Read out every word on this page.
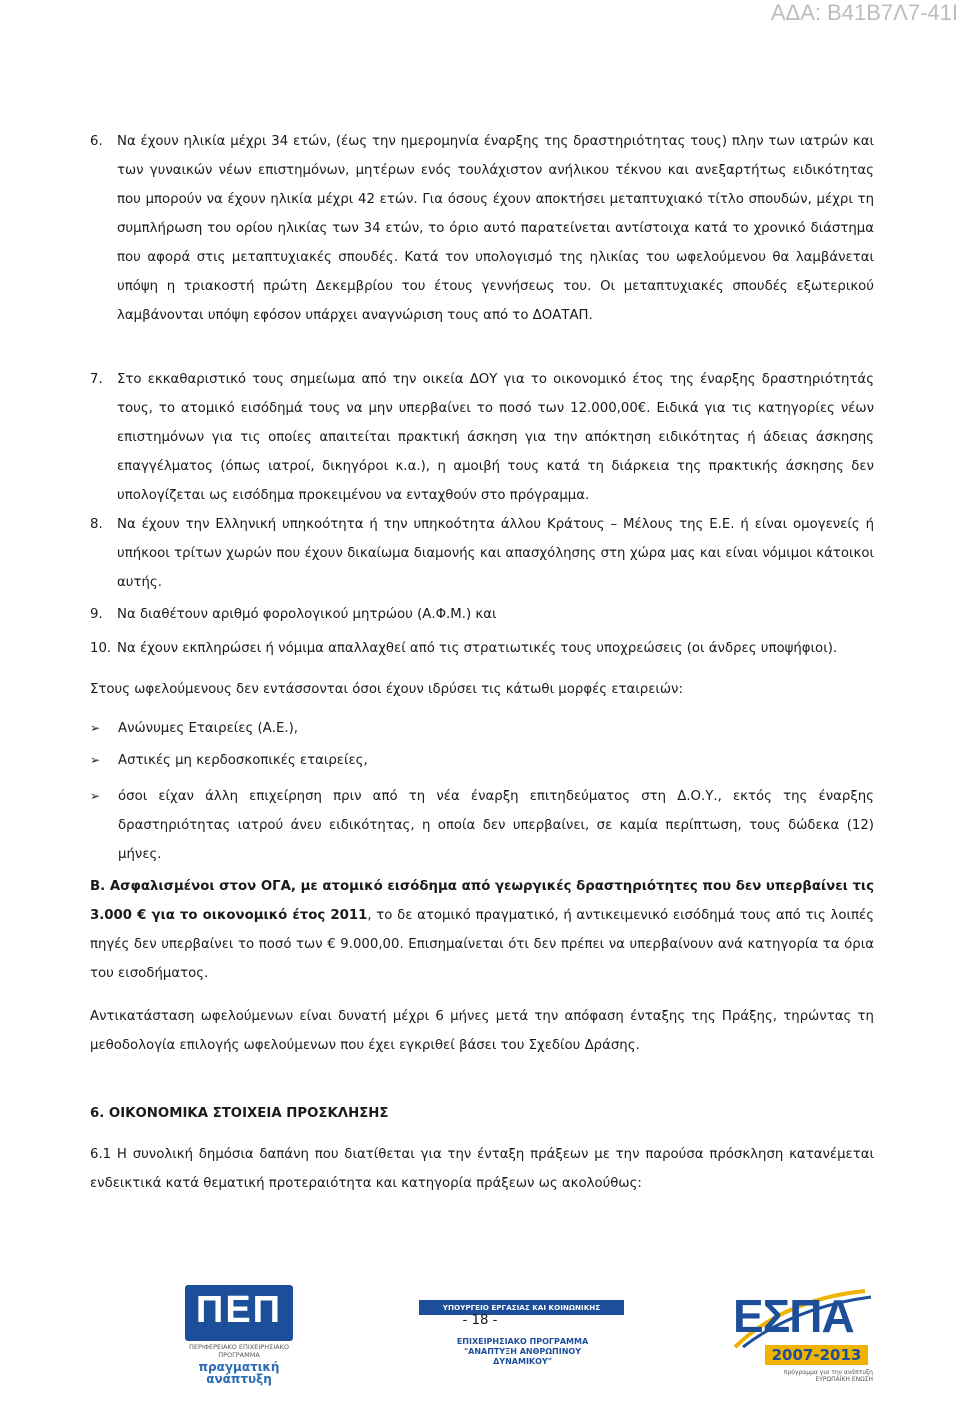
ΑΔΑ: Β41Β7Λ7-41Ι
6. Να έχουν ηλικία μέχρι 34 ετών, (έως την ημερομηνία έναρξης της δραστηριότητας τους) πλην των ιατρών και των γυναικών νέων επιστημόνων, μητέρων ενός τουλάχιστον ανήλικου τέκνου και ανεξαρτήτως ειδικότητας που μπορούν να έχουν ηλικία μέχρι 42 ετών. Για όσους έχουν αποκτήσει μεταπτυχιακό τίτλο σπουδών, μέχρι τη συμπλήρωση του ορίου ηλικίας των 34 ετών, το όριο αυτό παρατείνεται αντίστοιχα κατά το χρονικό διάστημα που αφορά στις μεταπτυχιακές σπουδές. Κατά τον υπολογισμό της ηλικίας του ωφελούμενου θα λαμβάνεται υπόψη η τριακοστή πρώτη Δεκεμβρίου του έτους γεννήσεως του. Οι μεταπτυχιακές σπουδές εξωτερικού λαμβάνονται υπόψη εφόσον υπάρχει αναγνώριση τους από το ΔΟΑΤΑΠ.
7. Στο εκκαθαριστικό τους σημείωμα από την οικεία ΔΟΥ για το οικονομικό έτος της έναρξης δραστηριότητάς τους, το ατομικό εισόδημά τους να μην υπερβαίνει το ποσό των 12.000,00€. Ειδικά για τις κατηγορίες νέων επιστημόνων για τις οποίες απαιτείται πρακτική άσκηση για την απόκτηση ειδικότητας ή άδειας άσκησης επαγγέλματος (όπως ιατροί, δικηγόροι κ.α.), η αμοιβή τους κατά τη διάρκεια της πρακτικής άσκησης δεν υπολογίζεται ως εισόδημα προκειμένου να ενταχθούν στο πρόγραμμα.
8. Να έχουν την Ελληνική υπηκοότητα ή την υπηκοότητα άλλου Κράτους – Μέλους της Ε.Ε. ή είναι ομογενείς ή υπήκοοι τρίτων χωρών που έχουν δικαίωμα διαμονής και απασχόλησης στη χώρα μας και είναι νόμιμοι κάτοικοι αυτής.
9. Να διαθέτουν αριθμό φορολογικού μητρώου (Α.Φ.Μ.) και
10. Να έχουν εκπληρώσει ή νόμιμα απαλλαχθεί από τις στρατιωτικές τους υποχρεώσεις (οι άνδρες υποψήφιοι).
Στους ωφελούμενους δεν εντάσσονται όσοι έχουν ιδρύσει τις κάτωθι μορφές εταιρειών:
➢ Ανώνυμες Εταιρείες (Α.Ε.),
➢ Αστικές μη κερδοσκοπικές εταιρείες,
➢ όσοι είχαν άλλη επιχείρηση πριν από τη νέα έναρξη επιτηδεύματος στη Δ.Ο.Υ., εκτός της έναρξης δραστηριότητας ιατρού άνευ ειδικότητας, η οποία δεν υπερβαίνει, σε καμία περίπτωση, τους δώδεκα (12) μήνες.
Β. Ασφαλισμένοι στον ΟΓΑ, με ατομικό εισόδημα από γεωργικές δραστηριότητες που δεν υπερβαίνει τις 3.000 € για το οικονομικό έτος 2011, το δε ατομικό πραγματικό, ή αντικειμενικό εισόδημά τους από τις λοιπές πηγές δεν υπερβαίνει το ποσό των € 9.000,00. Επισημαίνεται ότι δεν πρέπει να υπερβαίνουν ανά κατηγορία τα όρια του εισοδήματος.
Αντικατάσταση ωφελούμενων είναι δυνατή μέχρι 6 μήνες μετά την απόφαση ένταξης της Πράξης, τηρώντας τη μεθοδολογία επιλογής ωφελούμενων που έχει εγκριθεί βάσει του Σχεδίου Δράσης.
6. ΟΙΚΟΝΟΜΙΚΑ ΣΤΟΙΧΕΙΑ ΠΡΟΣΚΛΗΣΗΣ
6.1 Η συνολική δημόσια δαπάνη που διατίθεται για την ένταξη πράξεων με την παρούσα πρόσκληση κατανέμεται ενδεικτικά κατά θεματική προτεραιότητα και κατηγορία πράξεων ως ακολούθως:
ΠΕΠ
ΠΕΡΙΦΕΡΕΙΑΚΟ ΕΠΙΧΕΙΡΗΣΙΑΚΟ ΠΡΟΓΡΑΜΜΑ
πραγματική ανάπτυξη
ΥΠΟΥΡΓΕΙΟ ΕΡΓΑΣΙΑΣ ΚΑΙ ΚΟΙΝΩΝΙΚΗΣ ΑΣΦΑΛΙΣΗΣ
- 18 -
ΕΠΙΧΕΙΡΗΣΙΑΚΟ ΠΡΟΓΡΑΜΜΑ
"ΑΝΑΠΤΥΞΗ ΑΝΘΡΩΠΙΝΟΥ ΔΥΝΑΜΙΚΟΥ"
ΕΣΠΑ
2007-2013
πρόγραμμα για την ανάπτυξη ΕΥΡΩΠΑΪΚΗ ΕΝΩΣΗ
